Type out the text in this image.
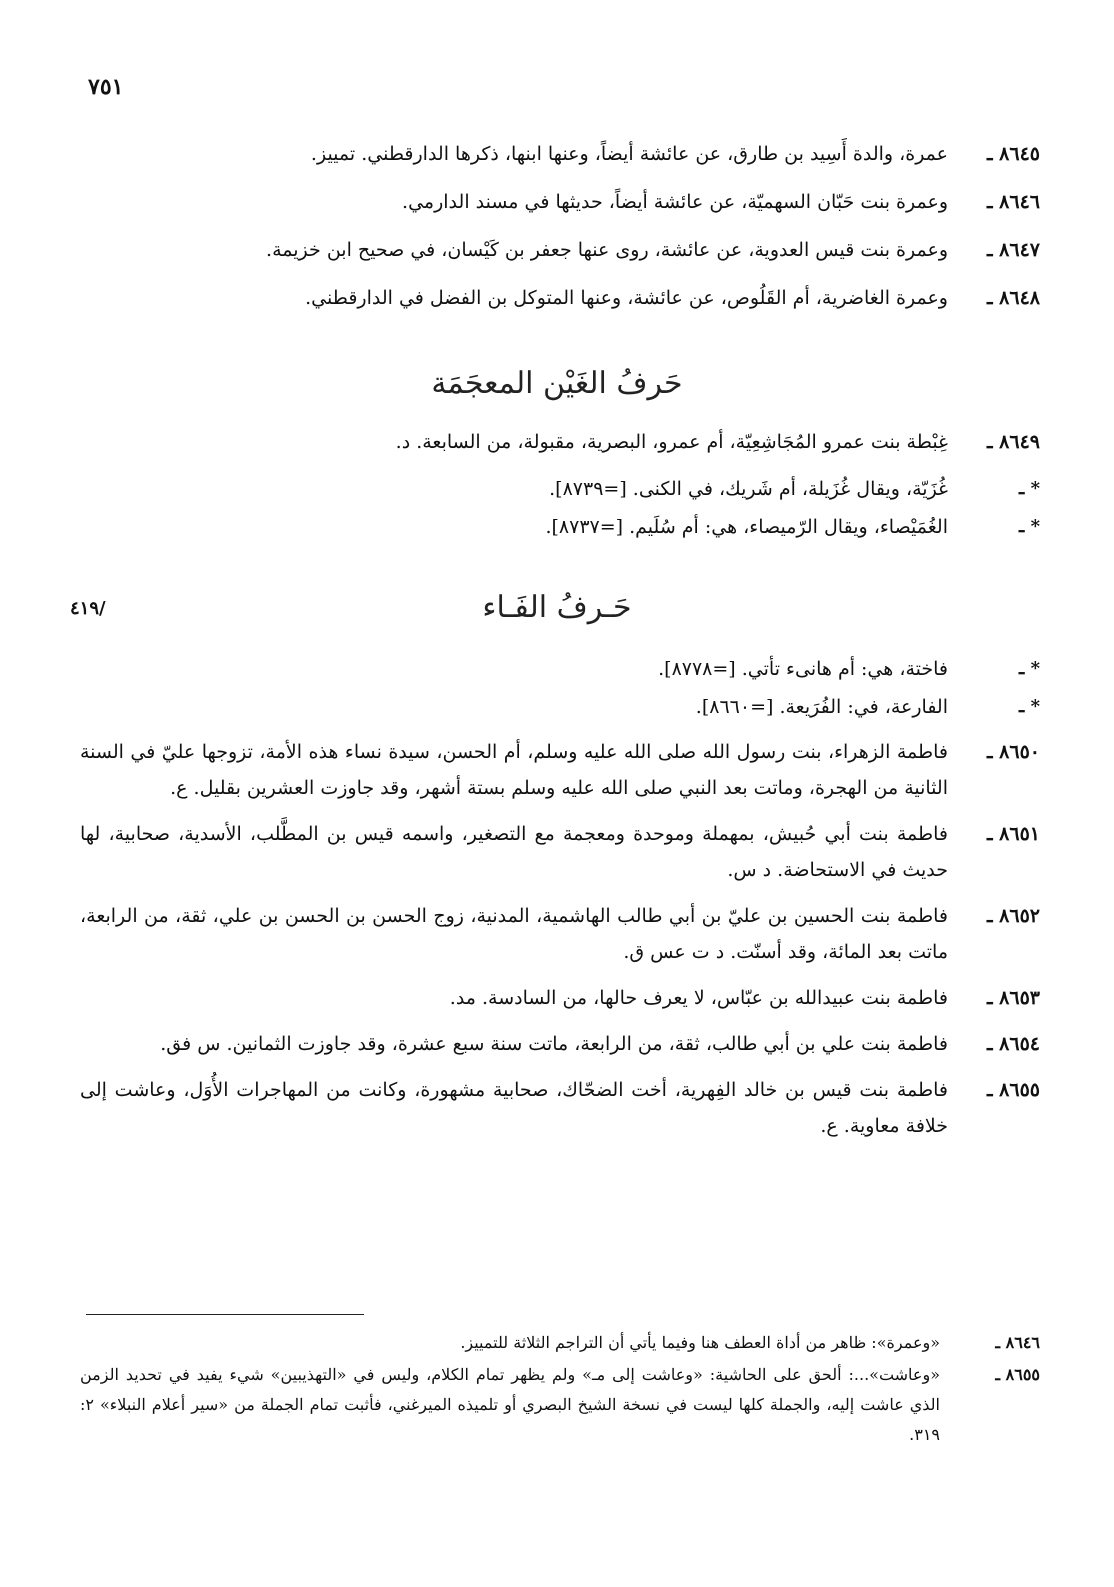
٧٥١
/٤١٩
٨٦٤٥ ـ
عمرة، والدة أَسِيد بن طارق، عن عائشة أيضاً، وعنها ابنها، ذكرها الدارقطني. تمييز.
٨٦٤٦ ـ
وعمرة بنت حَبّان السهميّة، عن عائشة أيضاً، حديثها في مسند الدارمي.
٨٦٤٧ ـ
وعمرة بنت قيس العدوية، عن عائشة، روى عنها جعفر بن كَيْسان، في صحيح ابن خزيمة.
٨٦٤٨ ـ
وعمرة الغاضرية، أم القَلُوص، عن عائشة، وعنها المتوكل بن الفضل في الدارقطني.
حَرفُ الغَيْن المعجَمَة
٨٦٤٩ ـ
غِبْطة بنت عمرو المُجَاشِعِيّة، أم عمرو، البصرية، مقبولة، من السابعة. د.
* ـ
غُزَيّة، ويقال غُزَيلة، أم شَريك، في الكنى. [=٨٧٣٩].
* ـ
الغُمَيْصاء، ويقال الرّميصاء، هي: أم سُلَيم. [=٨٧٣٧].
حَـرفُ الفَـاء
* ـ
فاختة، هي: أم هانىء تأتي. [=٨٧٧٨].
* ـ
الفارعة، في: الفُرَيعة. [=٨٦٦٠].
٨٦٥٠ ـ
فاطمة الزهراء، بنت رسول الله صلى الله عليه وسلم، أم الحسن، سيدة نساء هذه الأمة، تزوجها عليّ في السنة الثانية من الهجرة، وماتت بعد النبي صلى الله عليه وسلم بستة أشهر، وقد جاوزت العشرين بقليل. ع.
٨٦٥١ ـ
فاطمة بنت أبي حُبيش، بمهملة وموحدة ومعجمة مع التصغير، واسمه قيس بن المطَّلب، الأسدية، صحابية، لها حديث في الاستحاضة. د س.
٨٦٥٢ ـ
فاطمة بنت الحسين بن عليّ بن أبي طالب الهاشمية، المدنية، زوج الحسن بن الحسن بن علي، ثقة، من الرابعة، ماتت بعد المائة، وقد أسنّت. د ت عس ق.
٨٦٥٣ ـ
فاطمة بنت عبيدالله بن عبّاس، لا يعرف حالها، من السادسة. مد.
٨٦٥٤ ـ
فاطمة بنت علي بن أبي طالب، ثقة، من الرابعة، ماتت سنة سبع عشرة، وقد جاوزت الثمانين. س فق.
٨٦٥٥ ـ
فاطمة بنت قيس بن خالد الفِهرية، أخت الضحّاك، صحابية مشهورة، وكانت من المهاجرات الأُوَل، وعاشت إلى خلافة معاوية. ع.
٨٦٤٦ ـ
«وعمرة»: ظاهر من أداة العطف هنا وفيما يأتي أن التراجم الثلاثة للتمييز.
٨٦٥٥ ـ
«وعاشت»...: ألحق على الحاشية: «وعاشت إلى مـ» ولم يظهر تمام الكلام، وليس في «التهذيبين» شيء يفيد في تحديد الزمن الذي عاشت إليه، والجملة كلها ليست في نسخة الشيخ البصري أو تلميذه الميرغني، فأثبت تمام الجملة من «سير أعلام النبلاء» ٢: ٣١٩.
